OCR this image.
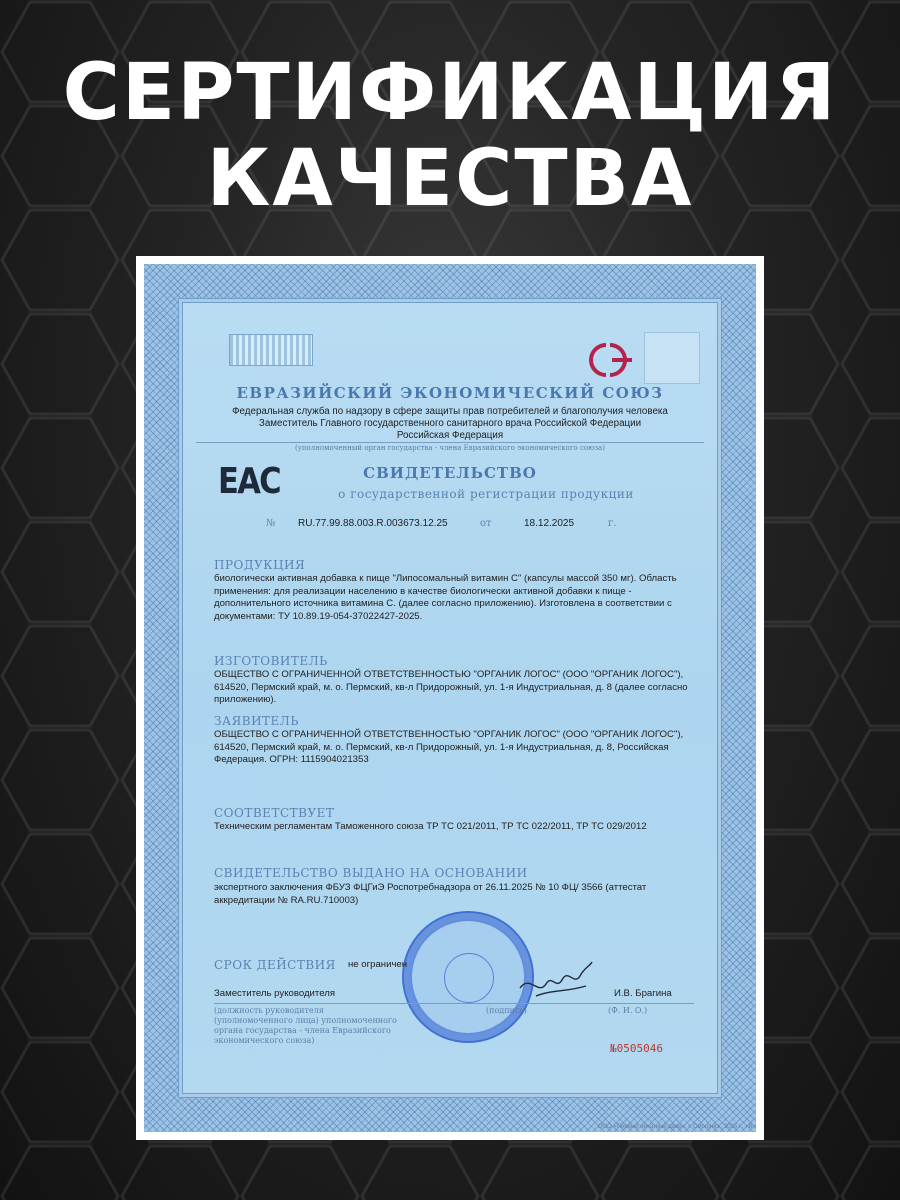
СЕРТИФИКАЦИЯ
КАЧЕСТВА
ЕВРАЗИЙСКИЙ ЭКОНОМИЧЕСКИЙ СОЮЗ
Федеральная служба по надзору в сфере защиты прав потребителей и благополучия человека
Заместитель Главного государственного санитарного врача Российской Федерации
Российская Федерация
(уполномоченный орган государства - члена Евразийского экономического союза)
ЕАС	СВИДЕТЕЛЬСТВО
о государственной регистрации продукции
№ RU.77.99.88.003.R.003673.12.25	от	18.12.2025	г.
ПРОДУКЦИЯ
биологически активная добавка к пище "Липосомальный витамин С" (капсулы массой 350 мг). Область применения: для реализации населению в качестве биологически активной добавки к пище - дополнительного источника витамина С. (далее согласно приложению). Изготовлена в соответствии с документами: ТУ 10.89.19-054-37022427-2025.
ИЗГОТОВИТЕЛЬ
ОБЩЕСТВО С ОГРАНИЧЕННОЙ ОТВЕТСТВЕННОСТЬЮ "ОРГАНИК ЛОГОС" (ООО "ОРГАНИК ЛОГОС"), 614520, Пермский край, м. о. Пермский, кв-л Придорожный, ул. 1-я Индустриальная, д. 8 (далее согласно приложению).
ЗАЯВИТЕЛЬ
ОБЩЕСТВО С ОГРАНИЧЕННОЙ ОТВЕТСТВЕННОСТЬЮ "ОРГАНИК ЛОГОС" (ООО "ОРГАНИК ЛОГОС"), 614520, Пермский край, м. о. Пермский, кв-л Придорожный, ул. 1-я Индустриальная, д. 8, Российская Федерация. ОГРН: 1115904021353
СООТВЕТСТВУЕТ
Техническим регламентам Таможенного союза ТР ТС 021/2011, ТР ТС 022/2011, ТР ТС 029/2012
СВИДЕТЕЛЬСТВО ВЫДАНО НА ОСНОВАНИИ
экспертного заключения ФБУЗ ФЦГиЭ Роспотребнадзора от 26.11.2025 № 10 ФЦ/ 3566 (аттестат аккредитации № RA.RU.710003)
СРОК ДЕЙСТВИЯ не ограничен
Заместитель руководителя	И.В. Брагина
(должность руководителя (уполномоченного лица) уполномоченного органа государства - члена Евразийского экономического союза)
(подпись)	(Ф. И. О.)
№0505046
ООО «Первый печатный двор», г. Смоленск, 2025 г., «В»
